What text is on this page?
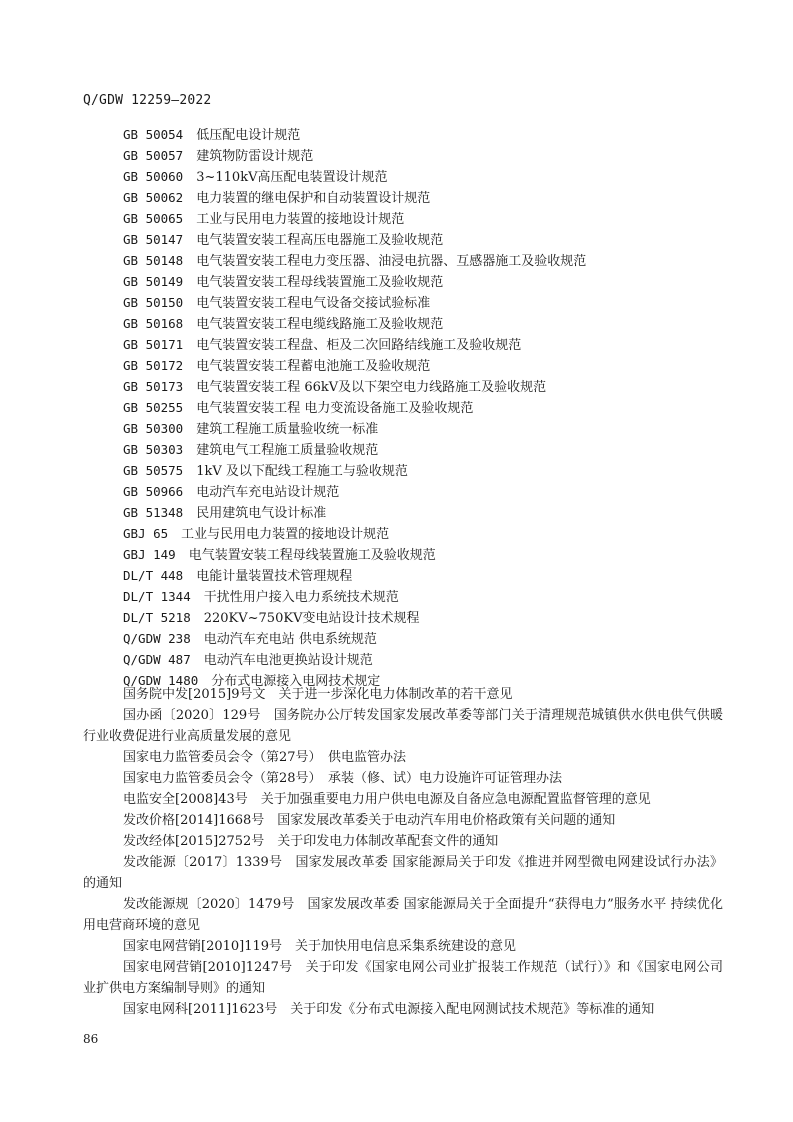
Q/GDW 12259—2022
GB 50054   低压配电设计规范
GB 50057   建筑物防雷设计规范
GB 50060   3~110kV高压配电装置设计规范
GB 50062   电力装置的继电保护和自动装置设计规范
GB 50065   工业与民用电力装置的接地设计规范
GB 50147   电气装置安装工程高压电器施工及验收规范
GB 50148   电气装置安装工程电力变压器、油浸电抗器、互感器施工及验收规范
GB 50149   电气装置安装工程母线装置施工及验收规范
GB 50150   电气装置安装工程电气设备交接试验标准
GB 50168   电气装置安装工程电缆线路施工及验收规范
GB 50171   电气装置安装工程盘、柜及二次回路结线施工及验收规范
GB 50172   电气装置安装工程蓄电池施工及验收规范
GB 50173   电气装置安装工程 66kV及以下架空电力线路施工及验收规范
GB 50255   电气装置安装工程 电力变流设备施工及验收规范
GB 50300   建筑工程施工质量验收统一标准
GB 50303   建筑电气工程施工质量验收规范
GB 50575   1kV 及以下配线工程施工与验收规范
GB 50966   电动汽车充电站设计规范
GB 51348   民用建筑电气设计标准
GBJ 65   工业与民用电力装置的接地设计规范
GBJ 149   电气装置安装工程母线装置施工及验收规范
DL/T 448   电能计量装置技术管理规程
DL/T 1344   干扰性用户接入电力系统技术规范
DL/T 5218   220KV~750KV变电站设计技术规程
Q/GDW 238   电动汽车充电站 供电系统规范
Q/GDW 487   电动汽车电池更换站设计规范
Q/GDW 1480   分布式电源接入电网技术规定

国务院中发[2015]9号文　关于进一步深化电力体制改革的若干意见

国办函〔2020〕129号　国务院办公厅转发国家发展改革委等部门关于清理规范城镇供水供电供气供暖行业收费促进行业高质量发展的意见

国家电力监管委员会令（第27号）　供电监管办法

国家电力监管委员会令（第28号）　承装（修、试）电力设施许可证管理办法

电监安全[2008]43号　关于加强重要电力用户供电电源及自备应急电源配置监督管理的意见

发改价格[2014]1668号　国家发展改革委关于电动汽车用电价格政策有关问题的通知

发改经体[2015]2752号　关于印发电力体制改革配套文件的通知

发改能源〔2017〕1339号　国家发展改革委 国家能源局关于印发《推进并网型微电网建设试行办法》的通知

发改能源规〔2020〕1479号　国家发展改革委 国家能源局关于全面提升“获得电力”服务水平 持续优化用电营商环境的意见

国家电网营销[2010]119号　关于加快用电信息采集系统建设的意见

国家电网营销[2010]1247号　关于印发《国家电网公司业扩报装工作规范（试行）》和《国家电网公司业扩供电方案编制导则》的通知

国家电网科[2011]1623号　关于印发《分布式电源接入配电网测试技术规范》等标准的通知

86
